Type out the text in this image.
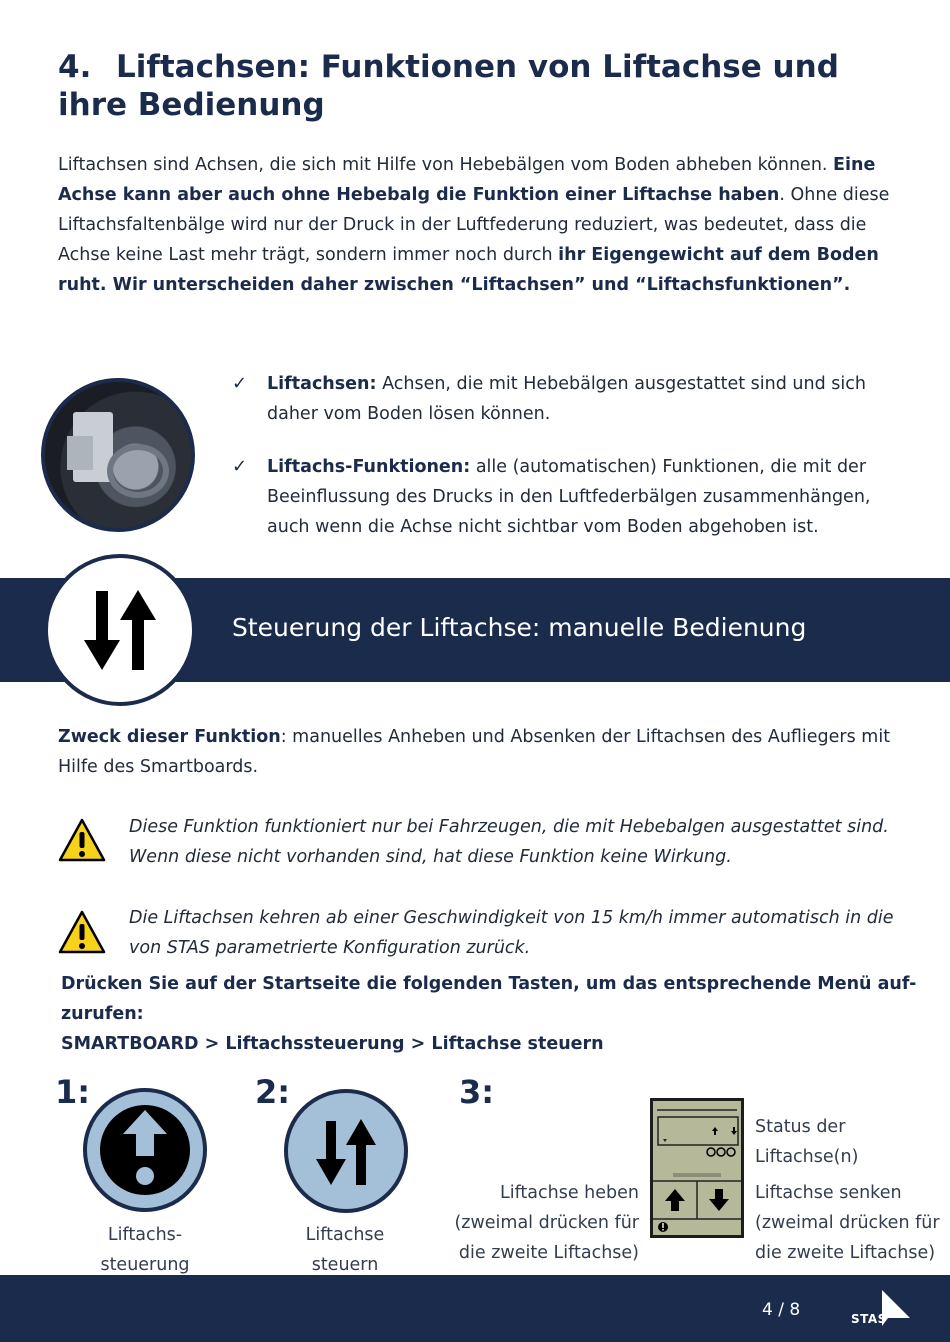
4. Liftachsen: Funktionen von Liftachse und ihre Bedienung
Liftachsen sind Achsen, die sich mit Hilfe von Hebebälgen vom Boden abheben können. Eine Achse kann aber auch ohne Hebebalg die Funktion einer Liftachse haben. Ohne diese Liftachsfaltenbälge wird nur der Druck in der Luftfederung reduziert, was bedeutet, dass die Achse keine Last mehr trägt, sondern immer noch durch ihr Eigengewicht auf dem Boden ruht. Wir unterscheiden daher zwischen “Liftachsen” und “Liftachsfunktionen”.
✓	Liftachsen: Achsen, die mit Hebebälgen ausgestattet sind und sich daher vom Boden lösen können.
✓	Liftachs-Funktionen: alle (automatischen) Funktionen, die mit der Beeinflussung des Drucks in den Luftfederbälgen zusammenhängen, auch wenn die Achse nicht sichtbar vom Boden abgehoben ist.
Steuerung der Liftachse: manuelle Bedienung
Zweck dieser Funktion: manuelles Anheben und Absenken der Liftachsen des Aufliegers mit Hilfe des Smartboards.
Diese Funktion funktioniert nur bei Fahrzeugen, die mit Hebebalgen ausgestattet sind. Wenn diese nicht vorhanden sind, hat diese Funktion keine Wirkung.
Die Liftachsen kehren ab einer Geschwindigkeit von 15 km/h immer automatisch in die von STAS parametrierte Konfiguration zurück.
Drücken Sie auf der Startseite die folgenden Tasten, um das entsprechende Menü auf-zurufen:
SMARTBOARD > Liftachssteuerung > Liftachse steuern
1:
Liftachs-
steuerung
2:
Liftachse
steuern
3:
Liftachse heben
(zweimal drücken für
die zweite Liftachse)
Status der
Liftachse(n)
Liftachse senken
(zweimal drücken für
die zweite Liftachse)
4 / 8	STAS
